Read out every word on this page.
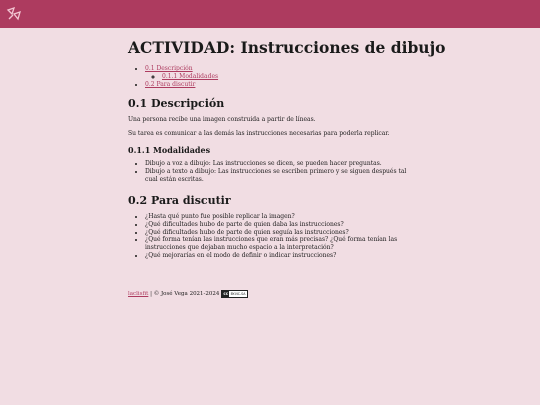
ACTIVIDAD: Instrucciones de dibujo
• 0.1 Descripción
◦ 0.1.1 Modalidades
• 0.2 Para discutir
0.1 Descripción

Una persona recibe una imagen construida a partir de líneas.

Su tarea es comunicar a las demás las instrucciones necesarias para poderla replicar.

0.1.1 Modalidades
• Dibujo a voz a dibujo: Las instrucciones se dicen, se pueden hacer preguntas.
• Dibujo a texto a dibujo: Las instrucciones se escriben primero y se siguen después tal cual están escritas.
0.2 Para discutir
• ¿Hasta qué punto fue posible replicar la imagen?
• ¿Qué dificultades hubo de parte de quien daba las instrucciones?
• ¿Qué dificultades hubo de parte de quien seguía las instrucciones?
• ¿Qué forma tenían las instrucciones que eran más precisas? ¿Qué forma tenían las instrucciones que dejaban mucho espacio a la interpretación?
• ¿Qué mejorarías en el modo de definir o indicar instrucciones?
laclisfit | © José Vega 2021-2024 cc BY-NC-SA
